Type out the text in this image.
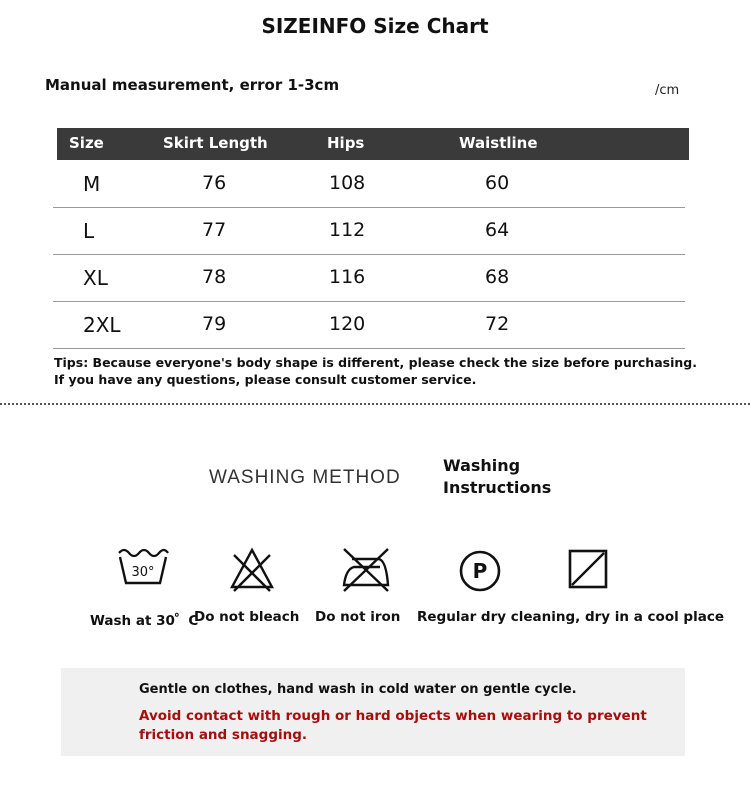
SIZEINFO Size Chart
Manual measurement, error 1-3cm	/cm
Size	Skirt Length	Hips	Waistline
M	76	108	60
L	77	112	64
XL	78	116	68
2XL	79	120	72
Tips: Because everyone's body shape is different, please check the size before purchasing. If you have any questions, please consult customer service.
WASHING METHOD
Washing
Instructions
30°	P
Wash at 30゜C	Do not iron Regular dry cleaning, dry in a cool place
Do not bleach
Gentle on clothes, hand wash in cold water on gentle cycle.
Avoid contact with rough or hard objects when wearing to prevent friction and snagging.
